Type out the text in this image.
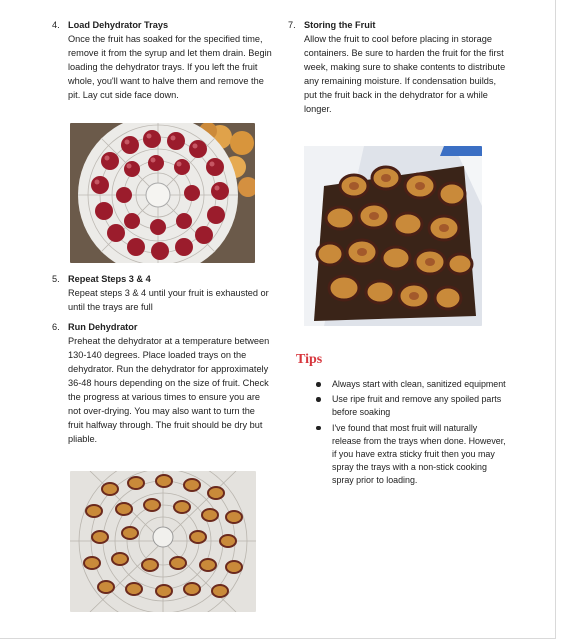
4. Load Dehydrator Trays

Once the fruit has soaked for the specified time, remove it from the syrup and let them drain. Begin loading the dehydrator trays. If you left the fruit whole, you'll want to halve them and remove the pit. Lay cut side face down.

5. Repeat Steps 3 & 4

Repeat steps 3 & 4 until your fruit is exhausted or until the trays are full

6. Run Dehydrator

Preheat the dehydrator at a temperature between 130-140 degrees. Place loaded trays on the dehydrator. Run the dehydrator for approximately 36-48 hours depending on the size of fruit. Check the progress at various times to ensure you are not over-drying. You may also want to turn the fruit halfway through. The fruit should be dry but pliable.

7. Storing the Fruit

Allow the fruit to cool before placing in storage containers. Be sure to harden the fruit for the first week, making sure to shake contents to distribute any remaining moisture. If condensation builds, put the fruit back in the dehydrator for a while longer.

Tips
Always start with clean, sanitized equipment
Use ripe fruit and remove any spoiled parts before soaking
I've found that most fruit will naturally release from the trays when done. However, if you have extra sticky fruit then you may spray the trays with a non-stick cooking spray prior to loading.
